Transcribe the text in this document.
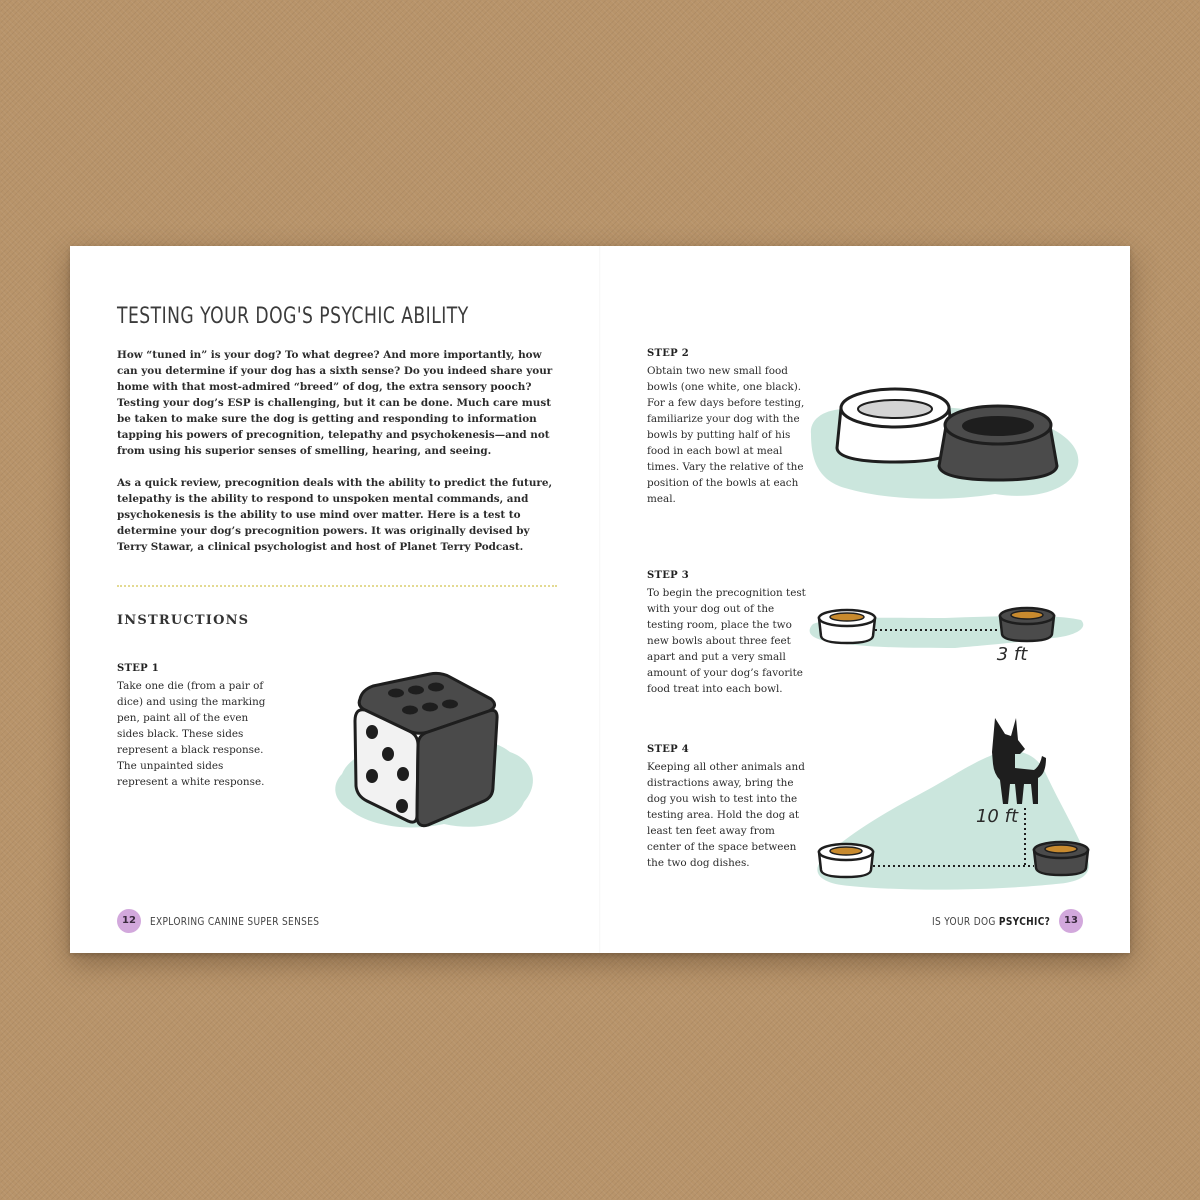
TESTING YOUR DOG'S PSYCHIC ABILITY

How “tuned in” is your dog? To what degree? And more importantly, how can you determine if your dog has a sixth sense? Do you indeed share your home with that most-admired “breed” of dog, the extra sensory pooch? Testing your dog’s ESP is challenging, but it can be done. Much care must be taken to make sure the dog is getting and responding to information tapping his powers of precognition, telepathy and psychokenesis—and not from using his superior senses of smelling, hearing, and seeing.

As a quick review, precognition deals with the ability to predict the future, telepathy is the ability to respond to unspoken mental commands, and psychokenesis is the ability to use mind over matter. Here is a test to determine your dog’s precognition powers. It was originally devised by Terry Stawar, a clinical psychologist and host of Planet Terry Podcast.

INSTRUCTIONS
STEP 1

Take one die (from a pair of dice) and using the marking pen, paint all of the even sides black. These sides represent a black response. The unpainted sides represent a white response.

STEP 2

Obtain two new small food bowls (one white, one black). For a few days before testing, familiarize your dog with the bowls by putting half of his food in each bowl at meal times. Vary the relative of the position of the bowls at each meal.

STEP 3

To begin the precognition test with your dog out of the testing room, place the two new bowls about three feet apart and put a very small amount of your dog’s favorite food treat into each bowl.

3 ft
STEP 4

Keeping all other animals and distractions away, bring the dog you wish to test into the testing area. Hold the dog at least ten feet away from center of the space between the two dog dishes.

10 ft
12	EXPLORING CANINE SUPER SENSES	IS YOUR DOG PSYCHIC?	13
